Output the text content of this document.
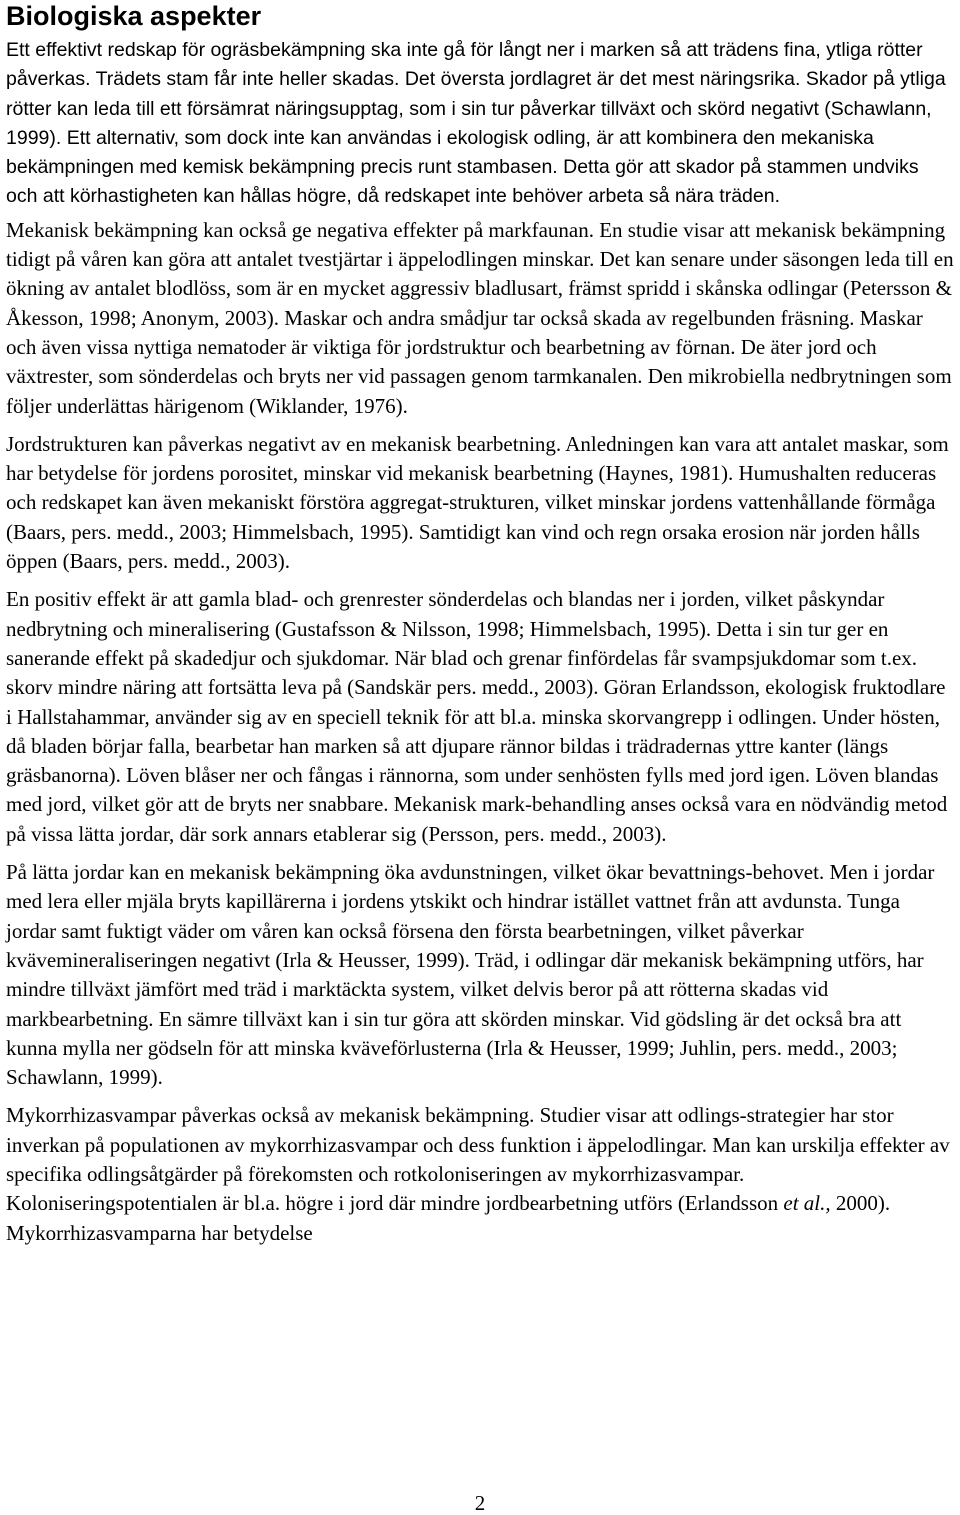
Biologiska aspekter

Ett effektivt redskap för ogräsbekämpning ska inte gå för långt ner i marken så att trädens fina, ytliga rötter påverkas. Trädets stam får inte heller skadas. Det översta jordlagret är det mest näringsrika. Skador på ytliga rötter kan leda till ett försämrat näringsupptag, som i sin tur påverkar tillväxt och skörd negativt (Schawlann, 1999). Ett alternativ, som dock inte kan användas i ekologisk odling, är att kombinera den mekaniska bekämpningen med kemisk bekämpning precis runt stambasen. Detta gör att skador på stammen undviks och att körhastigheten kan hållas högre, då redskapet inte behöver arbeta så nära träden.

Mekanisk bekämpning kan också ge negativa effekter på markfaunan. En studie visar att mekanisk bekämpning tidigt på våren kan göra att antalet tvestjärtar i äppelodlingen minskar. Det kan senare under säsongen leda till en ökning av antalet blodlöss, som är en mycket aggressiv bladlusart, främst spridd i skånska odlingar (Petersson & Åkesson, 1998; Anonym, 2003). Maskar och andra smådjur tar också skada av regelbunden fräsning. Maskar och även vissa nyttiga nematoder är viktiga för jordstruktur och bearbetning av förnan. De äter jord och växtrester, som sönderdelas och bryts ner vid passagen genom tarmkanalen. Den mikrobiella nedbrytningen som följer underlättas härigenom (Wiklander, 1976).

Jordstrukturen kan påverkas negativt av en mekanisk bearbetning. Anledningen kan vara att antalet maskar, som har betydelse för jordens porositet, minskar vid mekanisk bearbetning (Haynes, 1981). Humushalten reduceras och redskapet kan även mekaniskt förstöra aggregat-strukturen, vilket minskar jordens vattenhållande förmåga (Baars, pers. medd., 2003; Himmelsbach, 1995). Samtidigt kan vind och regn orsaka erosion när jorden hålls öppen (Baars, pers. medd., 2003).

En positiv effekt är att gamla blad- och grenrester sönderdelas och blandas ner i jorden, vilket påskyndar nedbrytning och mineralisering (Gustafsson & Nilsson, 1998; Himmelsbach, 1995). Detta i sin tur ger en sanerande effekt på skadedjur och sjukdomar. När blad och grenar finfördelas får svampsjukdomar som t.ex. skorv mindre näring att fortsätta leva på (Sandskär pers. medd., 2003). Göran Erlandsson, ekologisk fruktodlare i Hallstahammar, använder sig av en speciell teknik för att bl.a. minska skorvangrepp i odlingen. Under hösten, då bladen börjar falla, bearbetar han marken så att djupare rännor bildas i trädradernas yttre kanter (längs gräsbanorna). Löven blåser ner och fångas i rännorna, som under senhösten fylls med jord igen. Löven blandas med jord, vilket gör att de bryts ner snabbare. Mekanisk mark-behandling anses också vara en nödvändig metod på vissa lätta jordar, där sork annars etablerar sig (Persson, pers. medd., 2003).

På lätta jordar kan en mekanisk bekämpning öka avdunstningen, vilket ökar bevattnings-behovet. Men i jordar med lera eller mjäla bryts kapillärerna i jordens ytskikt och hindrar istället vattnet från att avdunsta. Tunga jordar samt fuktigt väder om våren kan också försena den första bearbetningen, vilket påverkar kvävemineraliseringen negativt (Irla & Heusser, 1999). Träd, i odlingar där mekanisk bekämpning utförs, har mindre tillväxt jämfört med träd i marktäckta system, vilket delvis beror på att rötterna skadas vid markbearbetning. En sämre tillväxt kan i sin tur göra att skörden minskar. Vid gödsling är det också bra att kunna mylla ner gödseln för att minska kväveförlusterna (Irla & Heusser, 1999; Juhlin, pers. medd., 2003; Schawlann, 1999).

Mykorrhizasvampar påverkas också av mekanisk bekämpning. Studier visar att odlings-strategier har stor inverkan på populationen av mykorrhizasvampar och dess funktion i äppelodlingar. Man kan urskilja effekter av specifika odlingsåtgärder på förekomsten och rotkoloniseringen av mykorrhizasvampar. Koloniseringspotentialen är bl.a. högre i jord där mindre jordbearbetning utförs (Erlandsson et al., 2000). Mykorrhizasvamparna har betydelse

2
